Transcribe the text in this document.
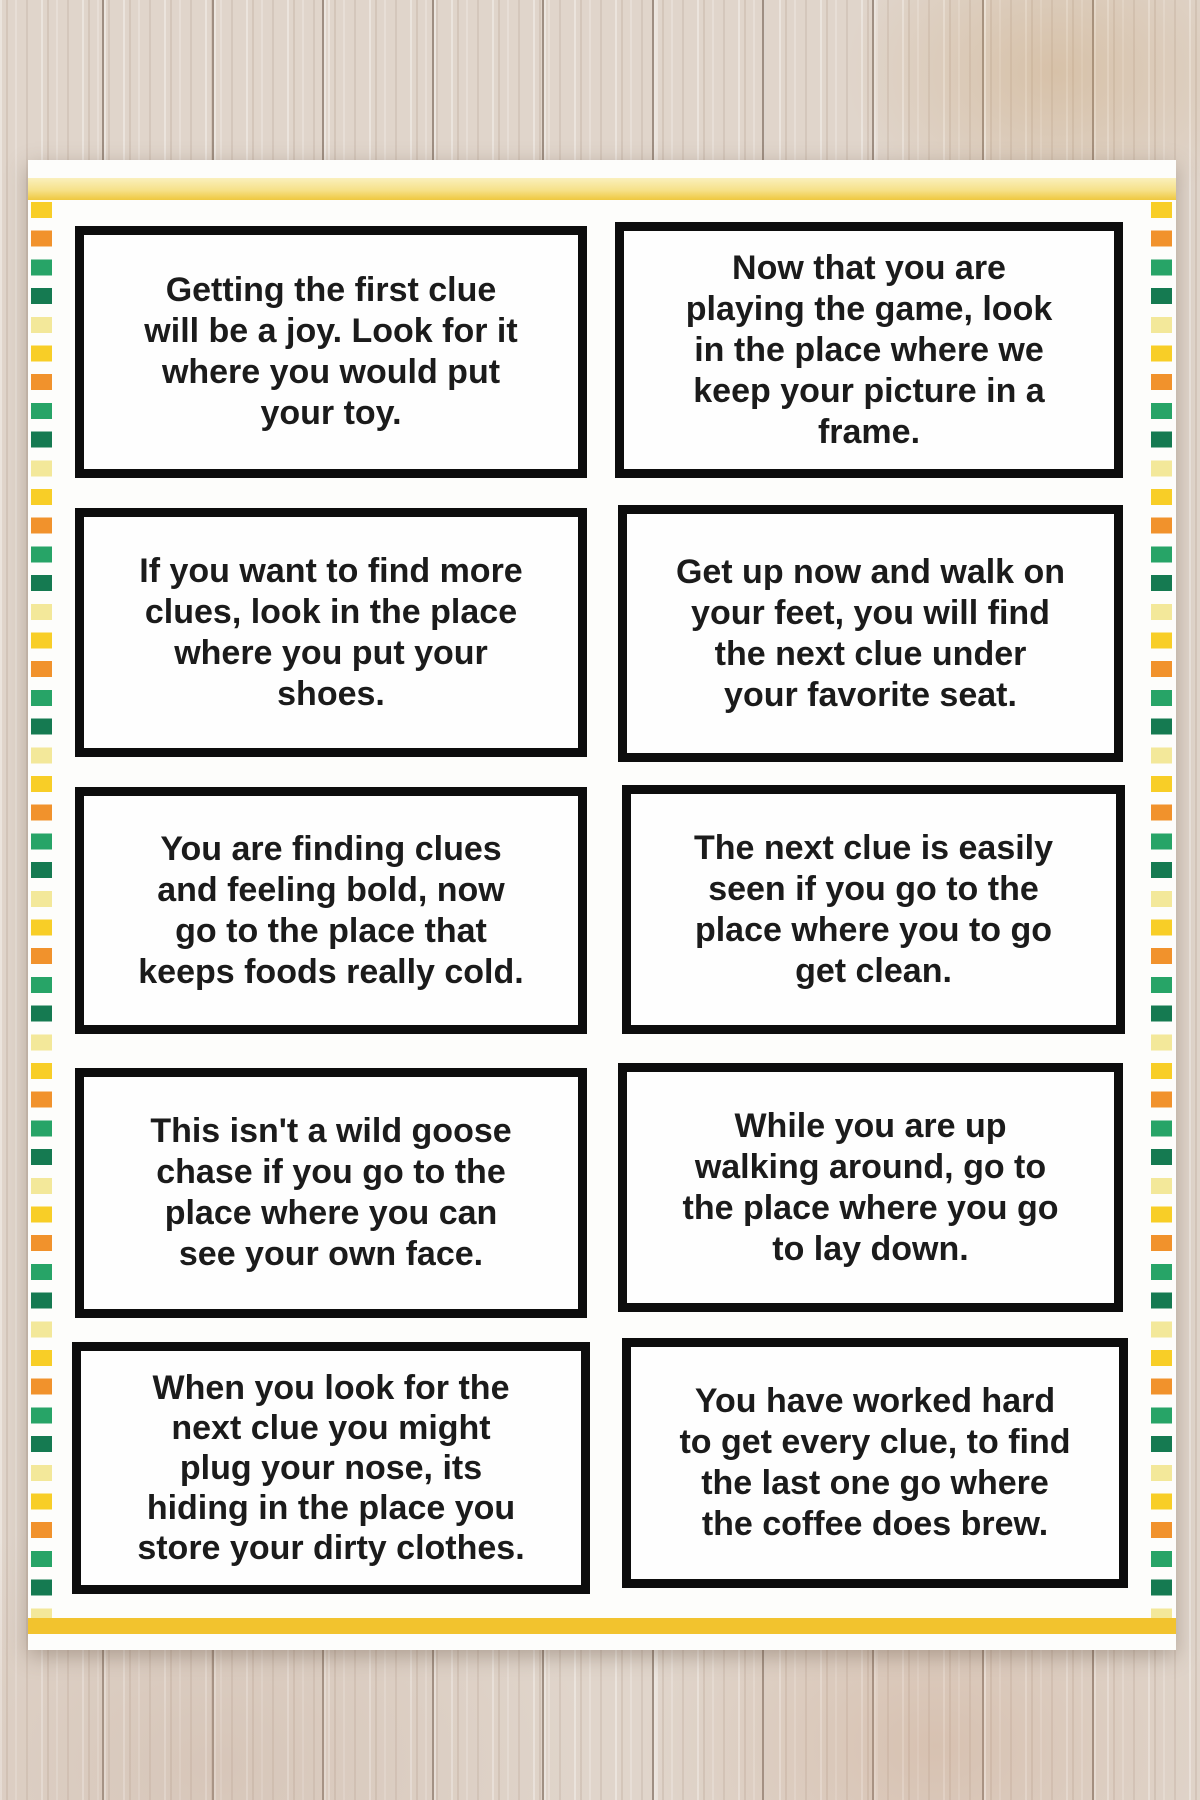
Getting the first clue
will be a joy. Look for it
where you would put
your toy.
Now that you are
playing the game, look
in the place where we
keep your picture in a
frame.
If you want to find more
clues, look in the place
where you put your
shoes.
Get up now and walk on
your feet, you will find
the next clue under
your favorite seat.
You are finding clues
and feeling bold, now
go to the place that
keeps foods really cold.
The next clue is easily
seen if you go to the
place where you to go
get clean.
This isn't a wild goose
chase if you go to the
place where you can
see your own face.
While you are up
walking around, go to
the place where you go
to lay down.
When you look for the
next clue you might
plug your nose, its
hiding in the place you
store your dirty clothes.
You have worked hard
to get every clue, to find
the last one go where
the coffee does brew.
